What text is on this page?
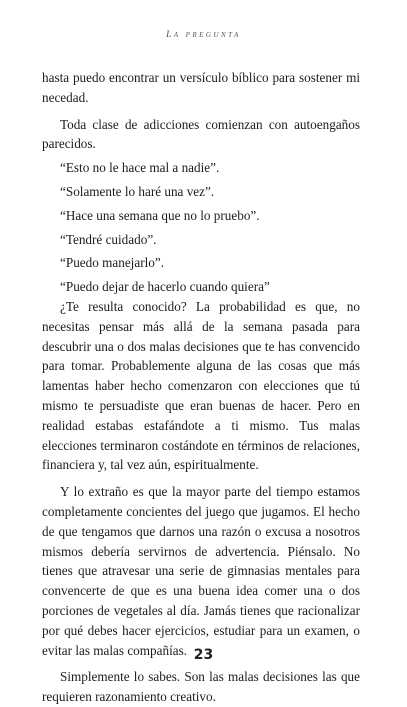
La pregunta

hasta puedo encontrar un versículo bíblico para sostener mi necedad.

Toda clase de adicciones comienzan con autoengaños parecidos.

“Esto no le hace mal a nadie”.

“Solamente lo haré una vez”.

“Hace una semana que no lo pruebo”.

“Tendré cuidado”.

“Puedo manejarlo”.

“Puedo dejar de hacerlo cuando quiera”

¿Te resulta conocido? La probabilidad es que, no necesitas pensar más allá de la semana pasada para descubrir una o dos malas decisiones que te has convencido para tomar. Probablemente alguna de las cosas que más lamentas haber hecho comenzaron con elecciones que tú mismo te persuadiste que eran buenas de hacer. Pero en realidad estabas estafándote a ti mismo. Tus malas elecciones terminaron costándote en términos de relaciones, financiera y, tal vez aún, espiritualmente.

Y lo extraño es que la mayor parte del tiempo estamos completamente concientes del juego que jugamos. El hecho de que tengamos que darnos una razón o excusa a nosotros mismos debería servirnos de advertencia. Piénsalo. No tienes que atravesar una serie de gimnasias mentales para convencerte de que es una buena idea comer una o dos porciones de vegetales al día. Jamás tienes que racionalizar por qué debes hacer ejercicios, estudiar para un examen, o evitar las malas compañías.

Simplemente lo sabes. Son las malas decisiones las que requieren razonamiento creativo.

23
